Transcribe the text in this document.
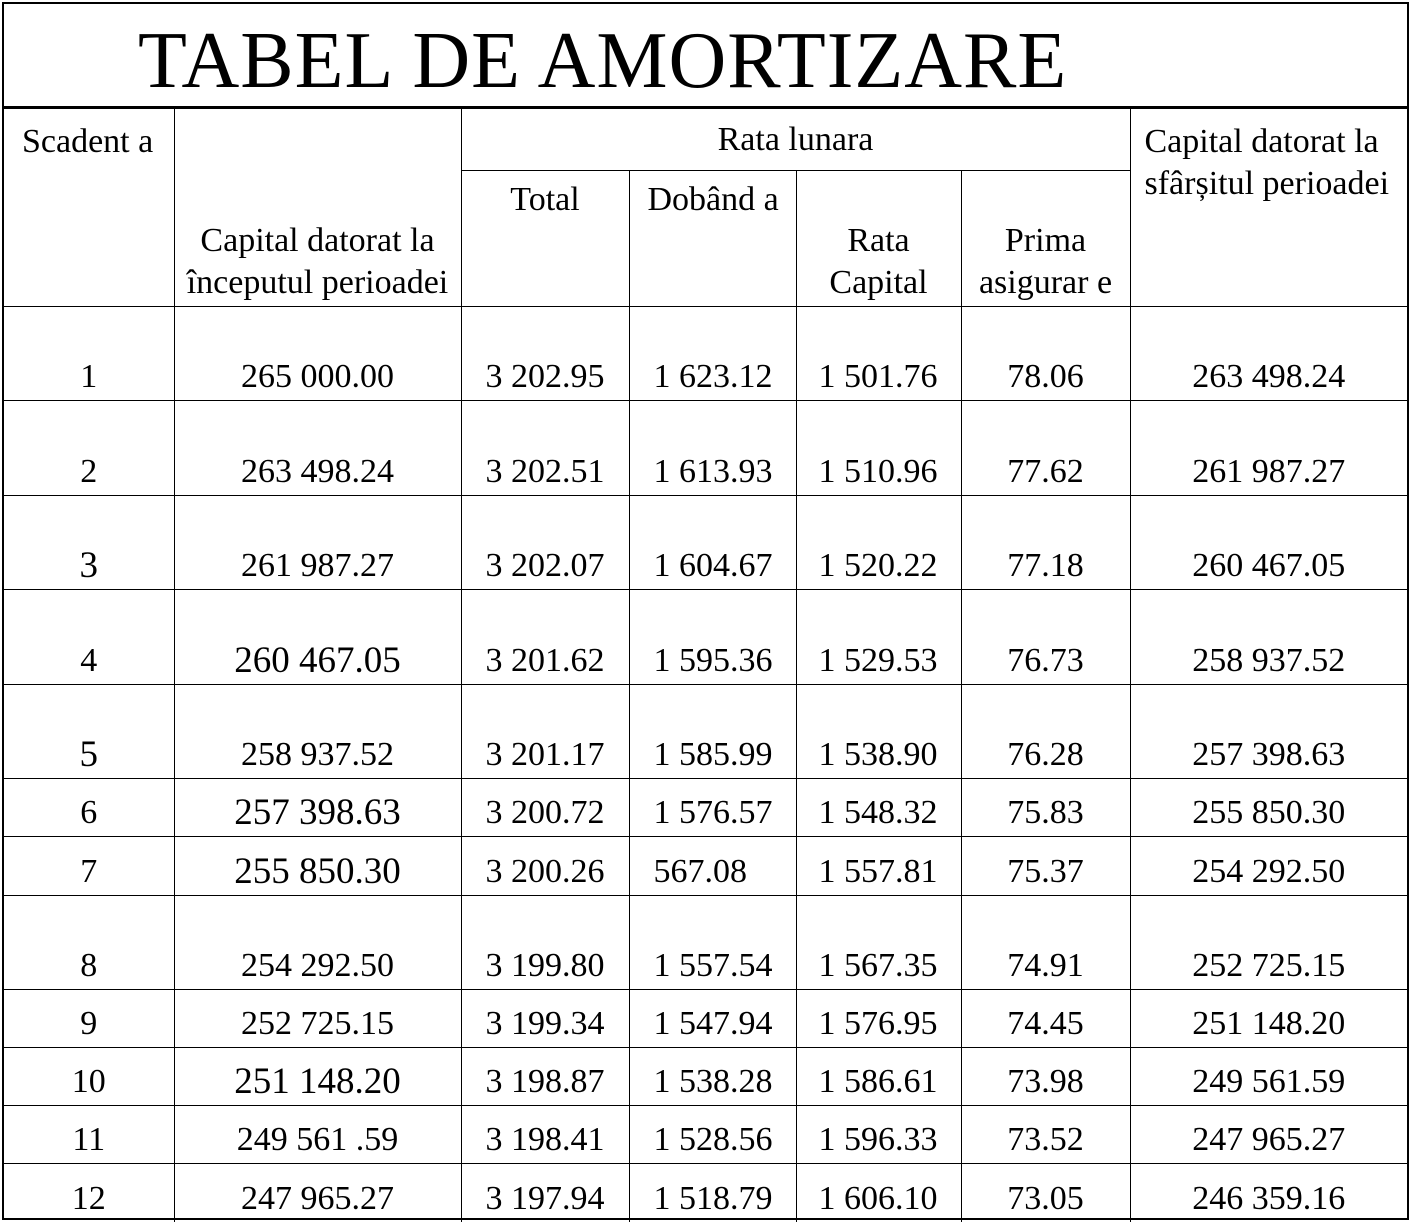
TABEL DE AMORTIZARE
Scadent a	Capital datorat la începutul perioadei	Rata lunara				Capital datorat la sfârșitul perioadei
		Total	Dobând a	Rata Capital	Prima asigurar e	
1	265 000.00	3 202.95	1 623.12	1 501.76	78.06	263 498.24
2	263 498.24	3 202.51	1 613.93	1 510.96	77.62	261 987.27
3	261 987.27	3 202.07	1 604.67	1 520.22	77.18	260 467.05
4	260 467.05	3 201.62	1 595.36	1 529.53	76.73	258 937.52
5	258 937.52	3 201.17	1 585.99	1 538.90	76.28	257 398.63
6	257 398.63	3 200.72	1 576.57	1 548.32	75.83	255 850.30
7	255 850.30	3 200.26	567.08	1 557.81	75.37	254 292.50
8	254 292.50	3 199.80	1 557.54	1 567.35	74.91	252 725.15
9	252 725.15	3 199.34	1 547.94	1 576.95	74.45	251 148.20
10	251 148.20	3 198.87	1 538.28	1 586.61	73.98	249 561.59
11	249 561 .59	3 198.41	1 528.56	1 596.33	73.52	247 965.27
12	247 965.27	3 197.94	1 518.79	1 606.10	73.05	246 359.16
